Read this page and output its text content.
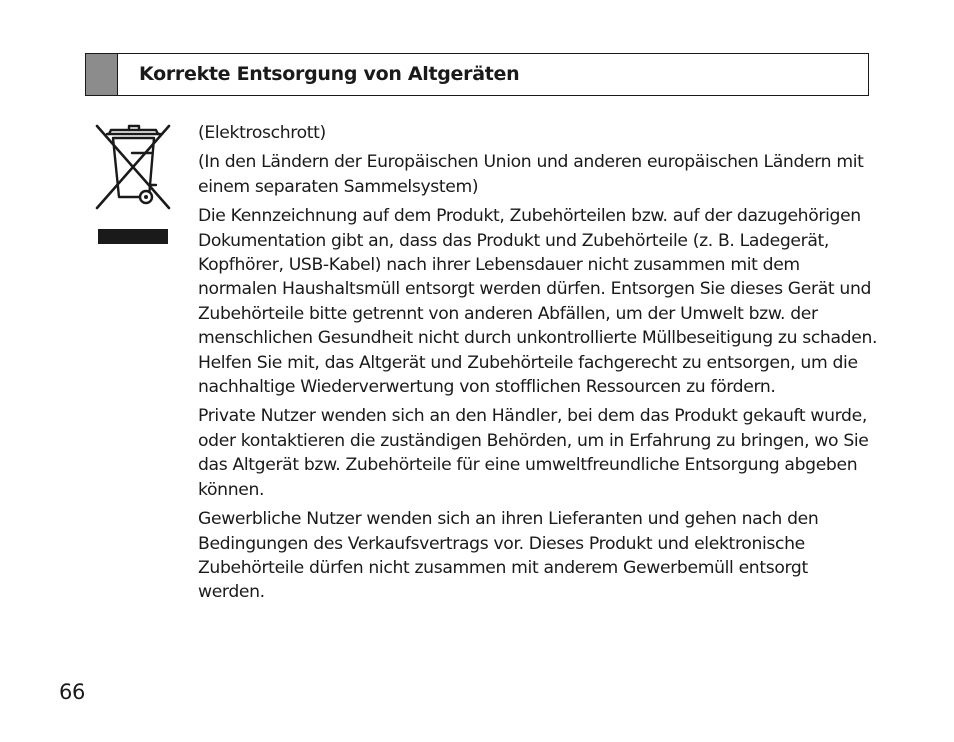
Korrekte Entsorgung von Altgeräten

(Elektroschrott)

(In den Ländern der Europäischen Union und anderen europäischen Ländern mit einem separaten Sammelsystem)

Die Kennzeichnung auf dem Produkt, Zubehörteilen bzw. auf der dazugehörigen Dokumentation gibt an, dass das Produkt und Zubehörteile (z. B. Ladegerät, Kopfhörer, USB-Kabel) nach ihrer Lebensdauer nicht zusammen mit dem normalen Haushaltsmüll entsorgt werden dürfen. Entsorgen Sie dieses Gerät und Zubehörteile bitte getrennt von anderen Abfällen, um der Umwelt bzw. der menschlichen Gesundheit nicht durch unkontrollierte Müllbeseitigung zu schaden. Helfen Sie mit, das Altgerät und Zubehörteile fachgerecht zu entsorgen, um die nachhaltige Wiederverwertung von stofflichen Ressourcen zu fördern.

Private Nutzer wenden sich an den Händler, bei dem das Produkt gekauft wurde, oder kontaktieren die zuständigen Behörden, um in Erfahrung zu bringen, wo Sie das Altgerät bzw. Zubehörteile für eine umweltfreundliche Entsorgung abgeben können.

Gewerbliche Nutzer wenden sich an ihren Lieferanten und gehen nach den Bedingungen des Verkaufsvertrags vor. Dieses Produkt und elektronische Zubehörteile dürfen nicht zusammen mit anderem Gewerbemüll entsorgt werden.

66
